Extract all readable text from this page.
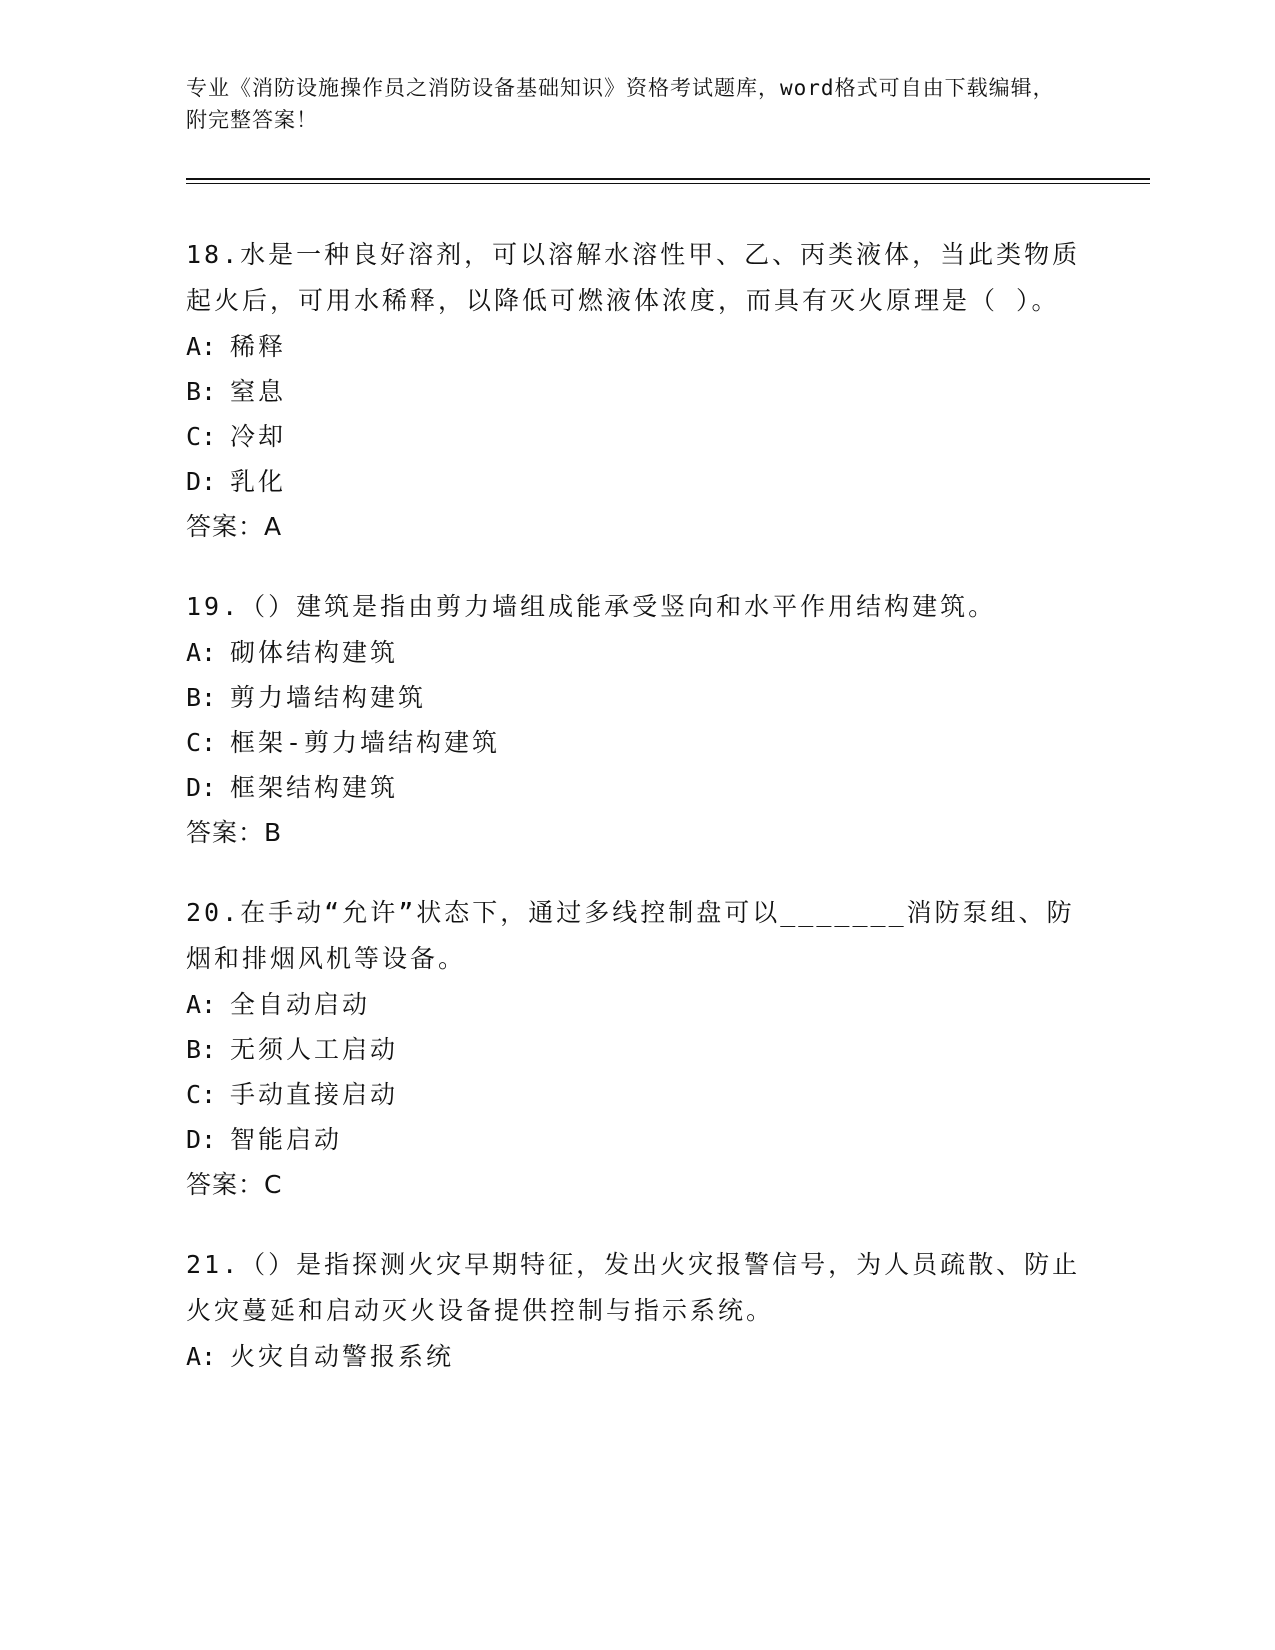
专业《消防设施操作员之消防设备基础知识》资格考试题库，word格式可自由下载编辑，附完整答案！

18.水是一种良好溶剂，可以溶解水溶性甲、乙、丙类液体，当此类物质起火后，可用水稀释，以降低可燃液体浓度，而具有灭火原理是（ ）。

A: 稀释

B: 窒息

C: 冷却

D: 乳化

答案：A

19.（）建筑是指由剪力墙组成能承受竖向和水平作用结构建筑。

A: 砌体结构建筑

B: 剪力墙结构建筑

C: 框架-剪力墙结构建筑

D: 框架结构建筑

答案：B

20.在手动“允许”状态下，通过多线控制盘可以_______消防泵组、防烟和排烟风机等设备。

A: 全自动启动

B: 无须人工启动

C: 手动直接启动

D: 智能启动

答案：C

21.（）是指探测火灾早期特征，发出火灾报警信号，为人员疏散、防止火灾蔓延和启动灭火设备提供控制与指示系统。

A: 火灾自动警报系统
